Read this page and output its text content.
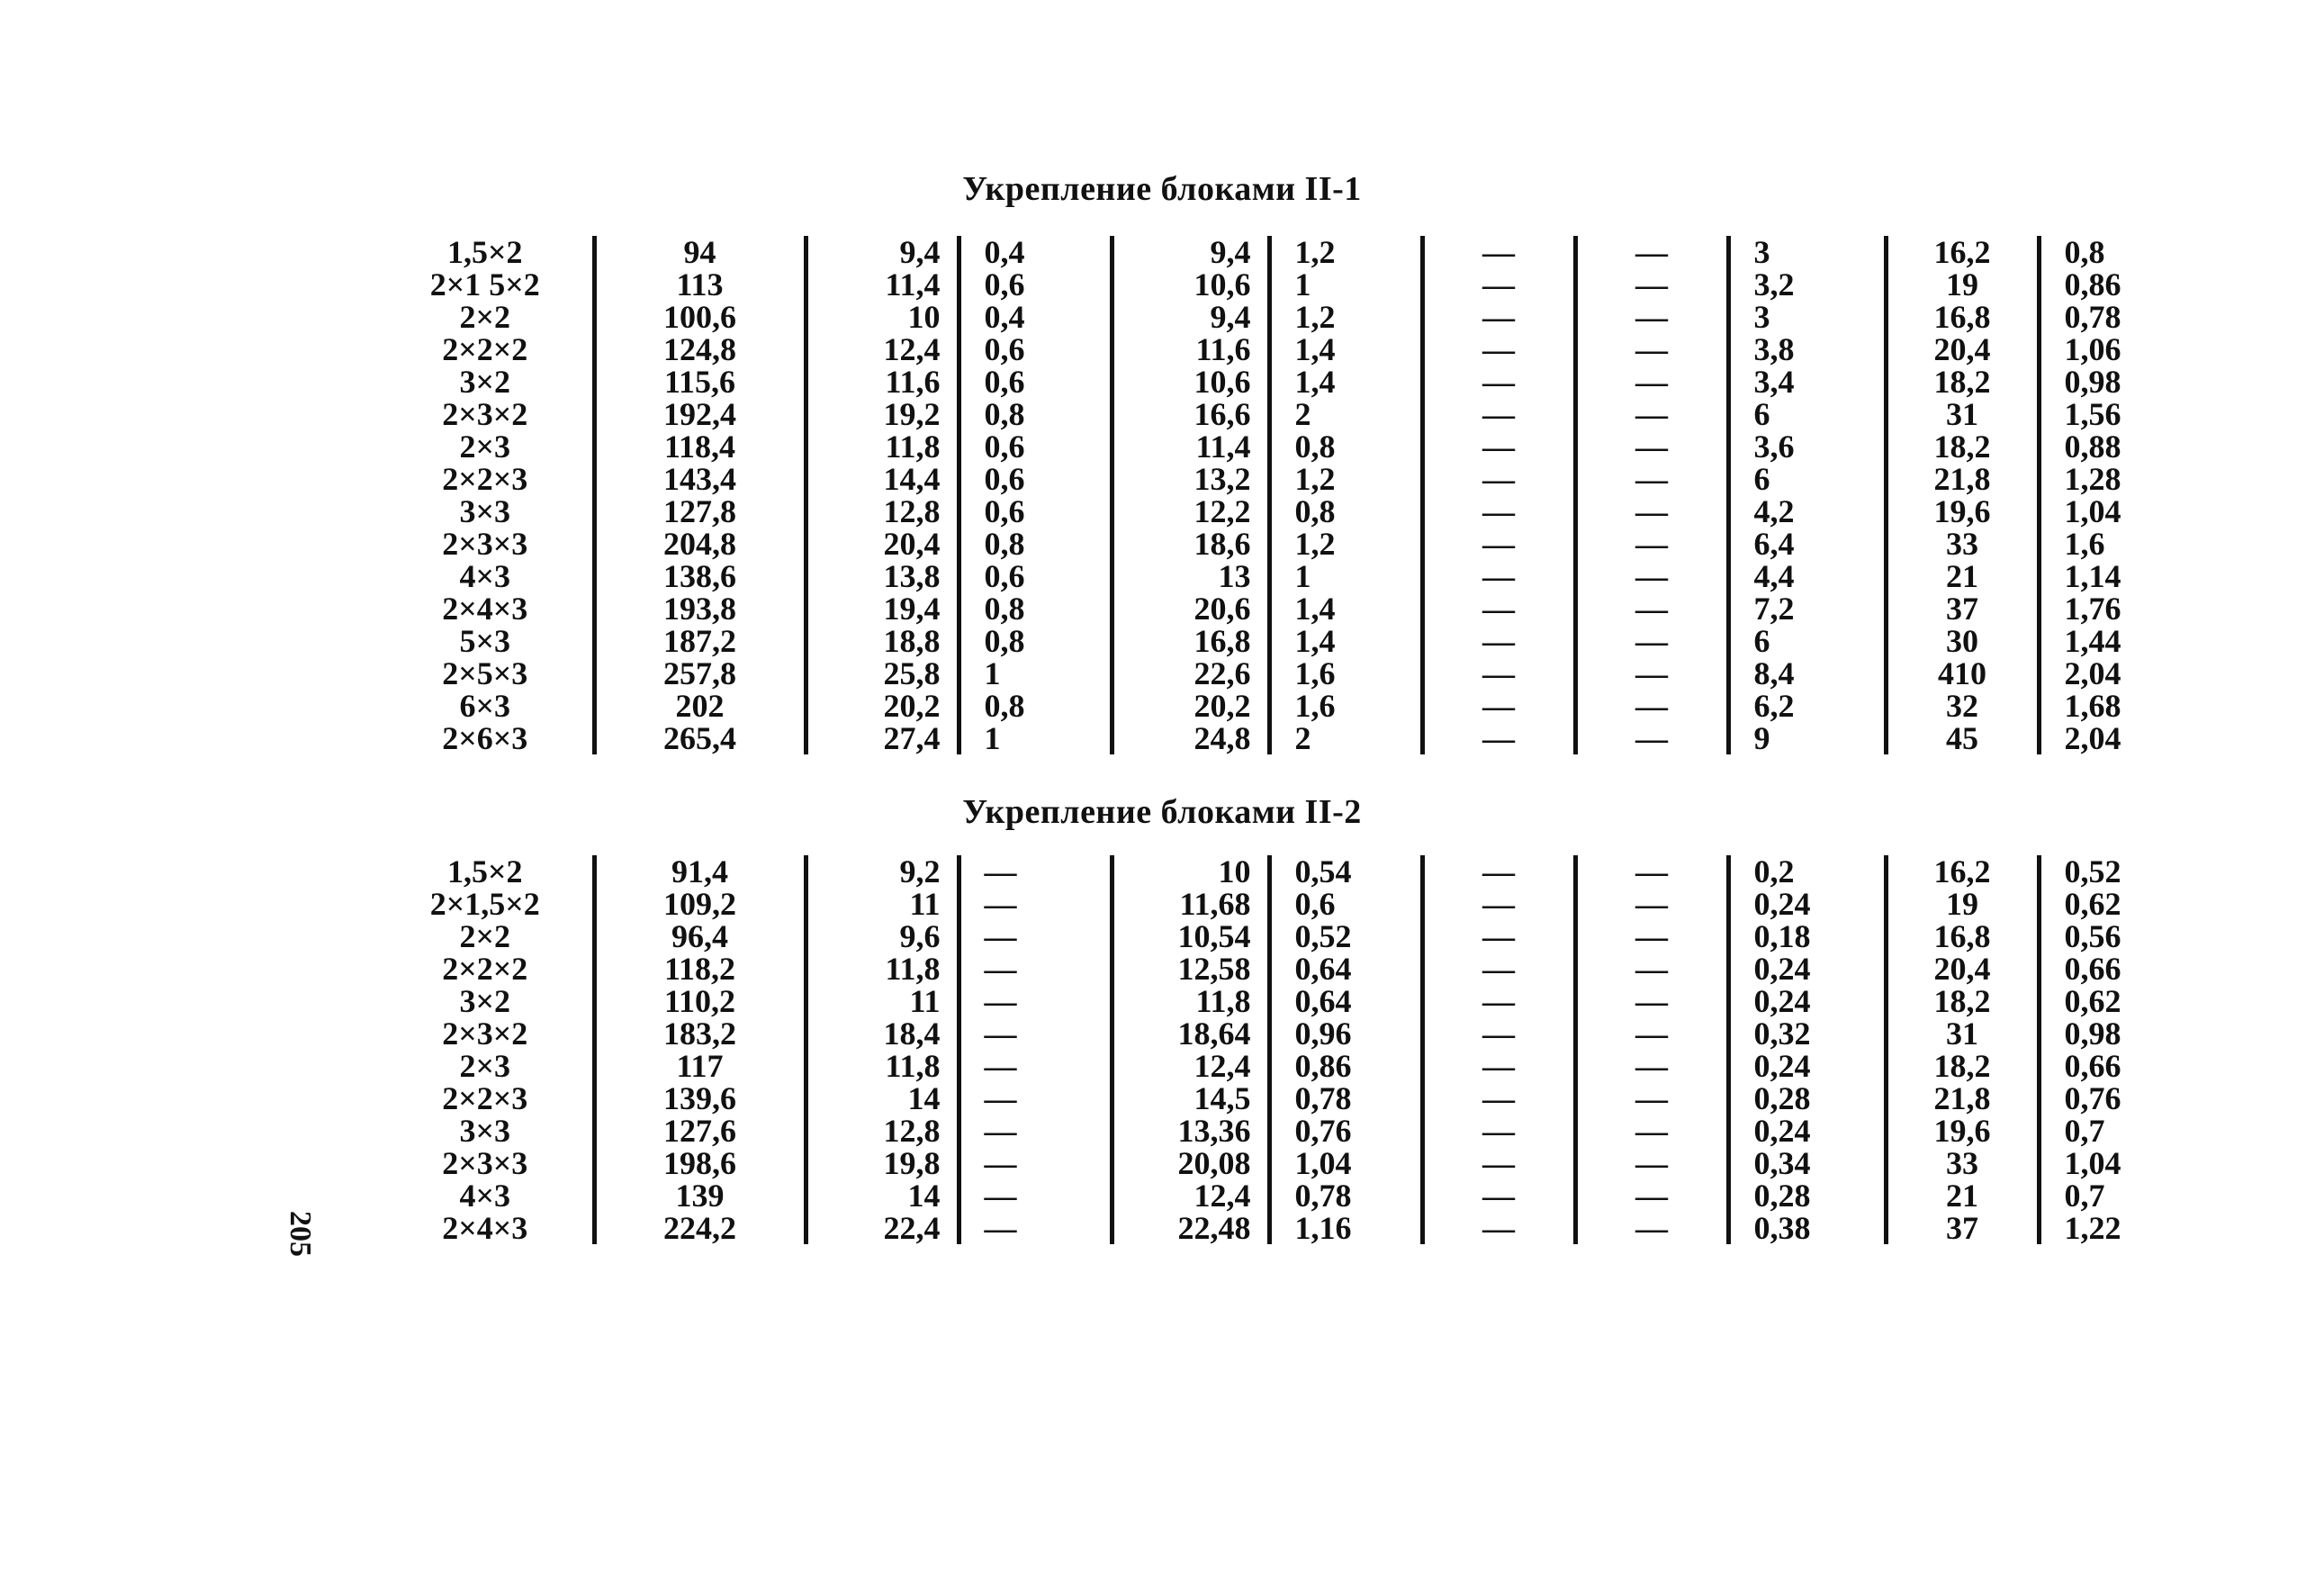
Укрепление блоками II-1
1,5×2	94	9,4	0,4	9,4	1,2	—	—	3	16,2	0,8
2×1 5×2	113	11,4	0,6	10,6	1	—	—	3,2	19	0,86
2×2	100,6	10	0,4	9,4	1,2	—	—	3	16,8	0,78
2×2×2	124,8	12,4	0,6	11,6	1,4	—	—	3,8	20,4	1,06
3×2	115,6	11,6	0,6	10,6	1,4	—	—	3,4	18,2	0,98
2×3×2	192,4	19,2	0,8	16,6	2	—	—	6	31	1,56
2×3	118,4	11,8	0,6	11,4	0,8	—	—	3,6	18,2	0,88
2×2×3	143,4	14,4	0,6	13,2	1,2	—	—	6	21,8	1,28
3×3	127,8	12,8	0,6	12,2	0,8	—	—	4,2	19,6	1,04
2×3×3	204,8	20,4	0,8	18,6	1,2	—	—	6,4	33	1,6
4×3	138,6	13,8	0,6	13	1	—	—	4,4	21	1,14
2×4×3	193,8	19,4	0,8	20,6	1,4	—	—	7,2	37	1,76
5×3	187,2	18,8	0,8	16,8	1,4	—	—	6	30	1,44
2×5×3	257,8	25,8	1	22,6	1,6	—	—	8,4	410	2,04
6×3	202	20,2	0,8	20,2	1,6	—	—	6,2	32	1,68
2×6×3	265,4	27,4	1	24,8	2	—	—	9	45	2,04
Укрепление блоками II-2
1,5×2	91,4	9,2	—	10	0,54	—	—	0,2	16,2	0,52
2×1,5×2	109,2	11	—	11,68	0,6	—	—	0,24	19	0,62
2×2	96,4	9,6	—	10,54	0,52	—	—	0,18	16,8	0,56
2×2×2	118,2	11,8	—	12,58	0,64	—	—	0,24	20,4	0,66
3×2	110,2	11	—	11,8	0,64	—	—	0,24	18,2	0,62
2×3×2	183,2	18,4	—	18,64	0,96	—	—	0,32	31	0,98
2×3	117	11,8	—	12,4	0,86	—	—	0,24	18,2	0,66
2×2×3	139,6	14	—	14,5	0,78	—	—	0,28	21,8	0,76
3×3	127,6	12,8	—	13,36	0,76	—	—	0,24	19,6	0,7
2×3×3	198,6	19,8	—	20,08	1,04	—	—	0,34	33	1,04
4×3	139	14	—	12,4	0,78	—	—	0,28	21	0,7
2×4×3	224,2	22,4	—	22,48	1,16	—	—	0,38	37	1,22
205
